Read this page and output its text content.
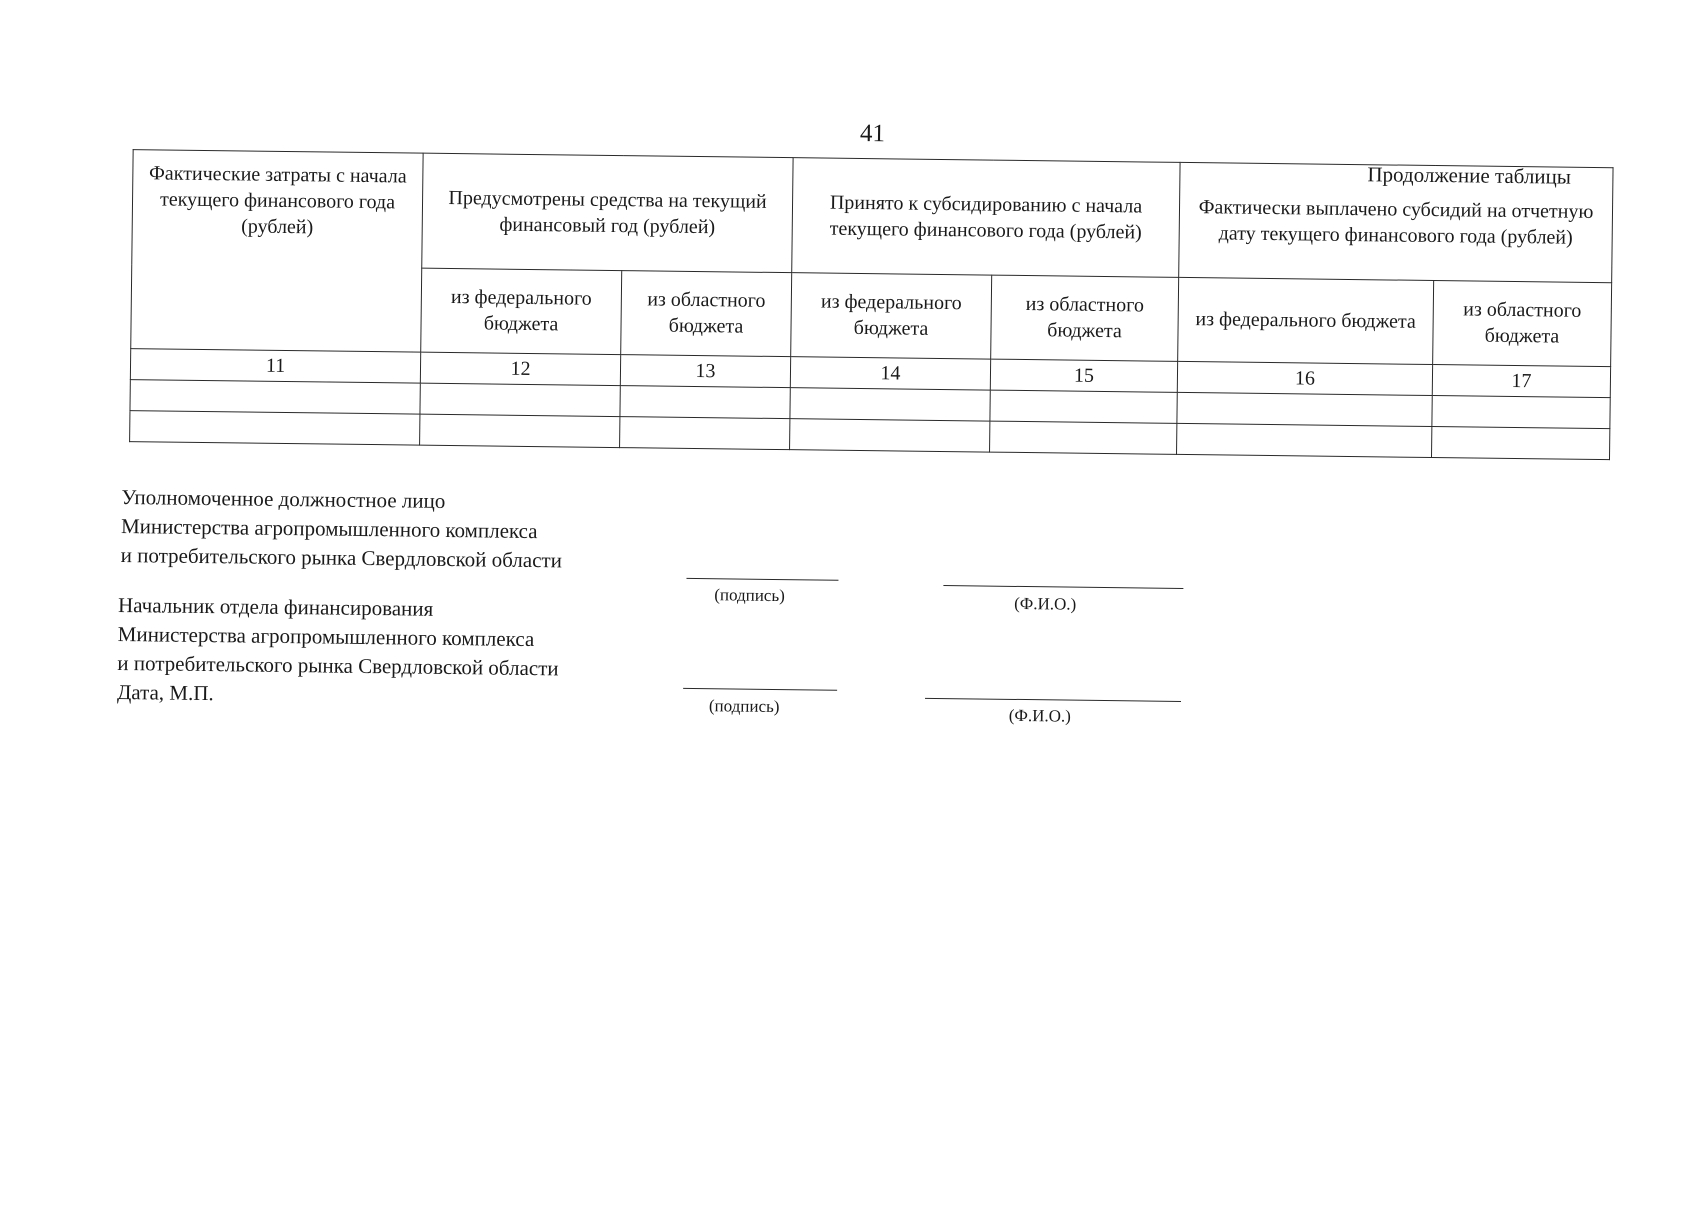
41
Продолжение таблицы
Фактические затраты с начала текущего финансового года (рублей)	Предусмотрены средства на текущий финансовый год (рублей)		Принято к субсидированию с начала текущего финансового года (рублей)		Фактически выплачено субсидий на отчетную дату текущего финансового года (рублей)	
	из федерального бюджета	из областного бюджета	из федерального бюджета	из областного бюджета	из федерального бюджета	из областного бюджета
11	12	13	14	15	16	17

Уполномоченное должностное лицо
Министерства агропромышленного комплекса
и потребительского рынка Свердловской области
(подпись)	(Ф.И.О.)
Начальник отдела финансирования
Министерства агропромышленного комплекса
и потребительского рынка Свердловской области
Дата, М.П.
(подпись)	(Ф.И.О.)
